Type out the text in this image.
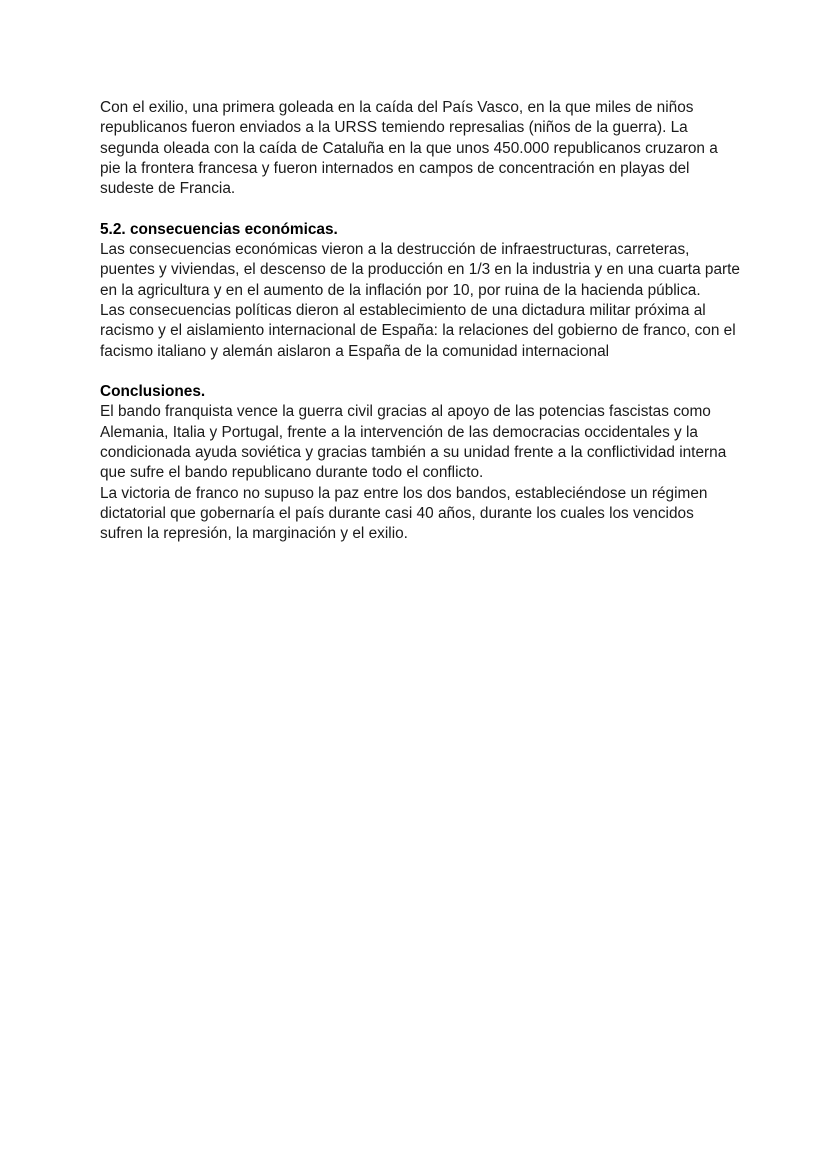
Con el exilio, una primera goleada en la caída del País Vasco, en la que miles de niños republicanos fueron enviados a la URSS temiendo represalias (niños de la guerra). La segunda oleada con la caída de Cataluña en la que unos 450.000 republicanos cruzaron a pie la frontera francesa y fueron internados en campos de concentración en playas del sudeste de Francia.

5.2. consecuencias económicas.

Las consecuencias económicas vieron a la destrucción de infraestructuras, carreteras, puentes y viviendas, el descenso de la producción en 1/3 en la industria y en una cuarta parte en la agricultura y en el aumento de la inflación por 10, por ruina de la hacienda pública.

Las consecuencias políticas dieron al establecimiento de una dictadura militar próxima al racismo y el aislamiento internacional de España: la relaciones del gobierno de franco, con el facismo italiano y alemán aislaron a España de la comunidad internacional

Conclusiones.

El bando franquista vence la guerra civil gracias al apoyo de las potencias fascistas como Alemania, Italia y Portugal, frente a la intervención de las democracias occidentales y la condicionada ayuda soviética y gracias también a su unidad frente a la conflictividad interna que sufre el bando republicano durante todo el conflicto.

La victoria de franco no supuso la paz entre los dos bandos, estableciéndose un régimen dictatorial que gobernaría el país durante casi 40 años, durante los cuales los vencidos sufren la represión, la marginación y el exilio.
